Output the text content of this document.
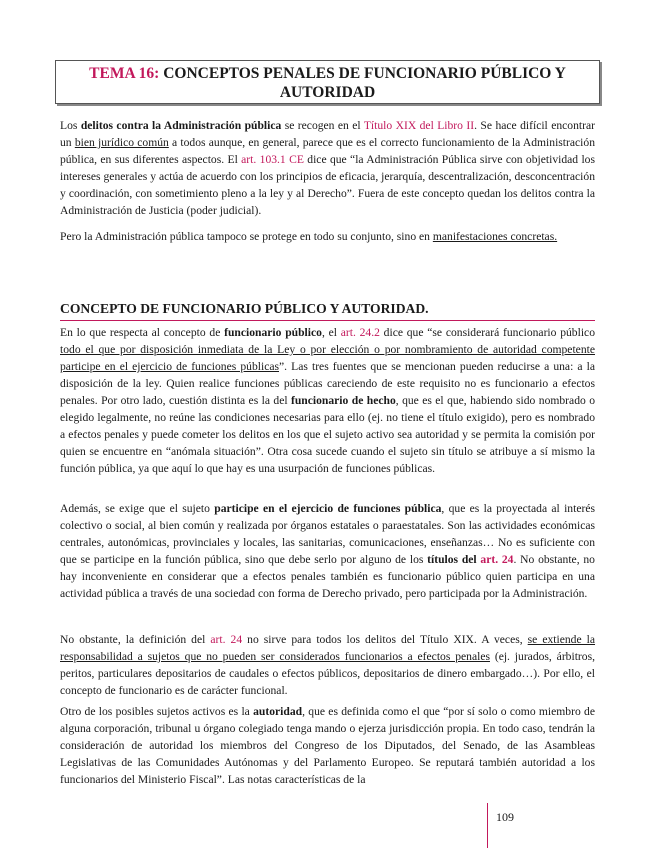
TEMA 16: CONCEPTOS PENALES DE FUNCIONARIO PÚBLICO Y AUTORIDAD

Los delitos contra la Administración pública se recogen en el Título XIX del Libro II. Se hace difícil encontrar un bien jurídico común a todos aunque, en general, parece que es el correcto funcionamiento de la Administración pública, en sus diferentes aspectos. El art. 103.1 CE dice que “la Administración Pública sirve con objetividad los intereses generales y actúa de acuerdo con los principios de eficacia, jerarquía, descentralización, desconcentración y coordinación, con sometimiento pleno a la ley y al Derecho”. Fuera de este concepto quedan los delitos contra la Administración de Justicia (poder judicial).

Pero la Administración pública tampoco se protege en todo su conjunto, sino en manifestaciones concretas.

CONCEPTO DE FUNCIONARIO PÚBLICO Y AUTORIDAD.

En lo que respecta al concepto de funcionario público, el art. 24.2 dice que “se considerará funcionario público todo el que por disposición inmediata de la Ley o por elección o por nombramiento de autoridad competente participe en el ejercicio de funciones públicas”. Las tres fuentes que se mencionan pueden reducirse a una: a la disposición de la ley. Quien realice funciones públicas careciendo de este requisito no es funcionario a efectos penales. Por otro lado, cuestión distinta es la del funcionario de hecho, que es el que, habiendo sido nombrado o elegido legalmente, no reúne las condiciones necesarias para ello (ej. no tiene el título exigido), pero es nombrado a efectos penales y puede cometer los delitos en los que el sujeto activo sea autoridad y se permita la comisión por quien se encuentre en “anómala situación”. Otra cosa sucede cuando el sujeto sin título se atribuye a sí mismo la función pública, ya que aquí lo que hay es una usurpación de funciones públicas.

Además, se exige que el sujeto participe en el ejercicio de funciones pública, que es la proyectada al interés colectivo o social, al bien común y realizada por órganos estatales o paraestatales. Son las actividades económicas centrales, autonómicas, provinciales y locales, las sanitarias, comunicaciones, enseñanzas… No es suficiente con que se participe en la función pública, sino que debe serlo por alguno de los títulos del art. 24. No obstante, no hay inconveniente en considerar que a efectos penales también es funcionario público quien participa en una actividad pública a través de una sociedad con forma de Derecho privado, pero participada por la Administración.

No obstante, la definición del art. 24 no sirve para todos los delitos del Título XIX. A veces, se extiende la responsabilidad a sujetos que no pueden ser considerados funcionarios a efectos penales (ej. jurados, árbitros, peritos, particulares depositarios de caudales o efectos públicos, depositarios de dinero embargado…). Por ello, el concepto de funcionario es de carácter funcional.

Otro de los posibles sujetos activos es la autoridad, que es definida como el que “por sí solo o como miembro de alguna corporación, tribunal u órgano colegiado tenga mando o ejerza jurisdicción propia. En todo caso, tendrán la consideración de autoridad los miembros del Congreso de los Diputados, del Senado, de las Asambleas Legislativas de las Comunidades Autónomas y del Parlamento Europeo. Se reputará también autoridad a los funcionarios del Ministerio Fiscal”. Las notas características de la

109
